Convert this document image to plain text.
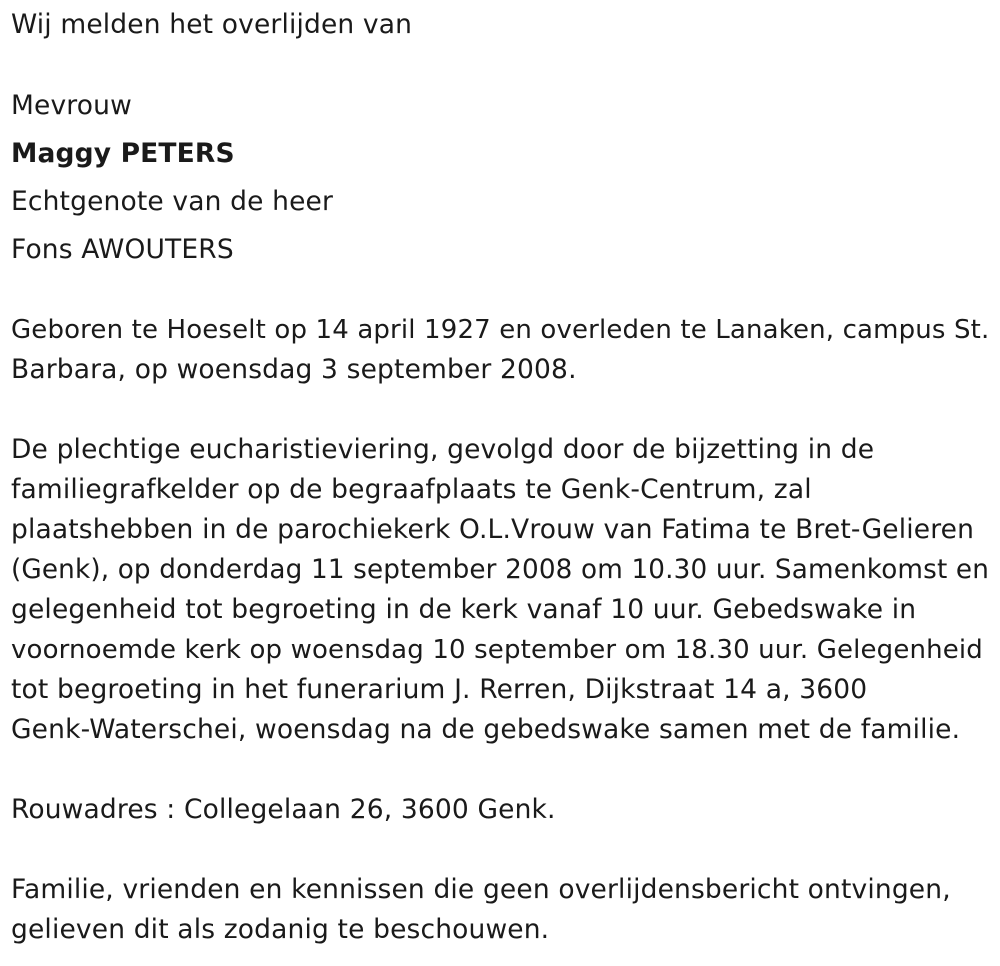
Wij melden het overlijden van
Mevrouw
Maggy PETERS
Echtgenote van de heer
Fons AWOUTERS
Geboren te Hoeselt op 14 april 1927 en overleden te Lanaken, campus St.
Barbara, op woensdag 3 september 2008.
De plechtige eucharistieviering, gevolgd door de bijzetting in de
familiegrafkelder op de begraafplaats te Genk-Centrum, zal
plaatshebben in de parochiekerk O.L.Vrouw van Fatima te Bret-Gelieren
(Genk), op donderdag 11 september 2008 om 10.30 uur. Samenkomst en
gelegenheid tot begroeting in de kerk vanaf 10 uur. Gebedswake in
voornoemde kerk op woensdag 10 september om 18.30 uur. Gelegenheid
tot begroeting in het funerarium J. Rerren, Dijkstraat 14 a, 3600
Genk-Waterschei, woensdag na de gebedswake samen met de familie.
Rouwadres : Collegelaan 26, 3600 Genk.
Familie, vrienden en kennissen die geen overlijdensbericht ontvingen,
gelieven dit als zodanig te beschouwen.
